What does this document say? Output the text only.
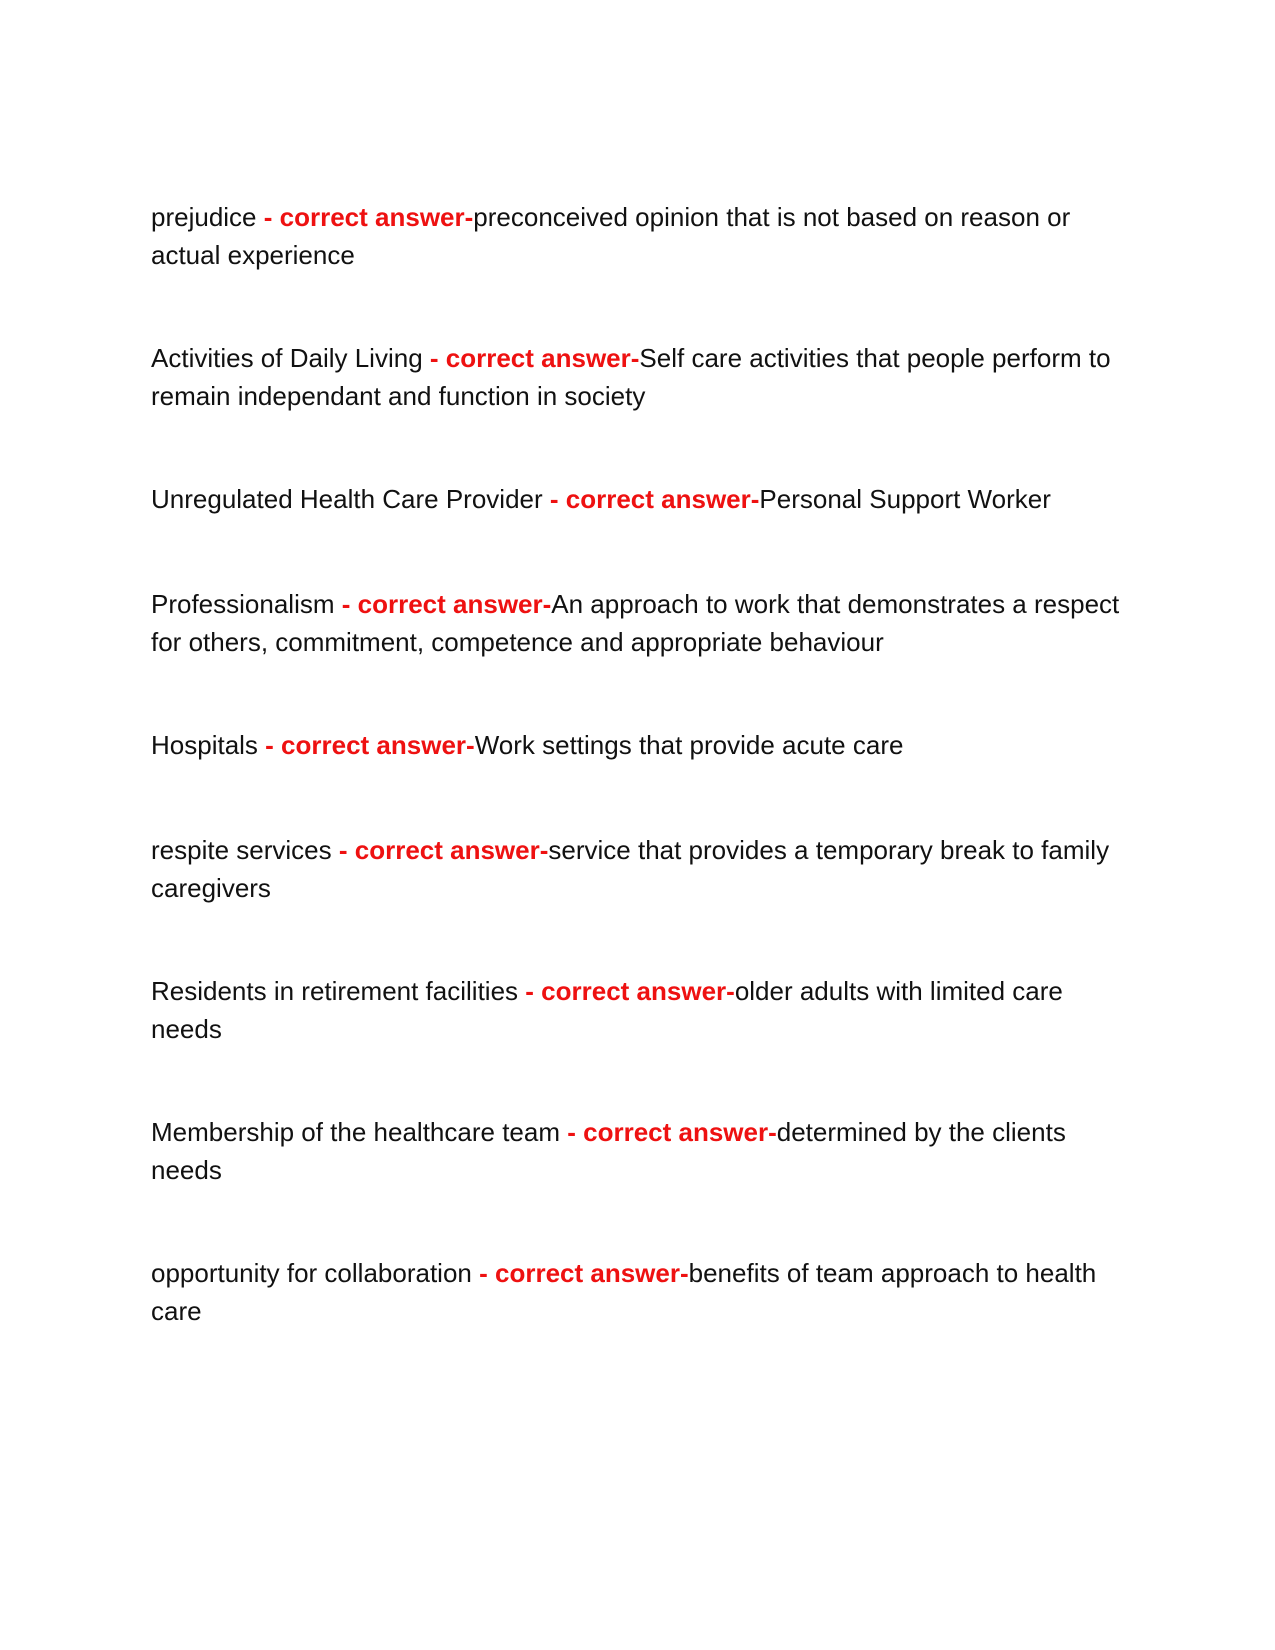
prejudice - correct answer-preconceived opinion that is not based on reason or actual experience

Activities of Daily Living - correct answer-Self care activities that people perform to remain independant and function in society

Unregulated Health Care Provider - correct answer-Personal Support Worker

Professionalism - correct answer-An approach to work that demonstrates a respect for others, commitment, competence and appropriate behaviour

Hospitals - correct answer-Work settings that provide acute care

respite services - correct answer-service that provides a temporary break to family caregivers

Residents in retirement facilities - correct answer-older adults with limited care needs

Membership of the healthcare team - correct answer-determined by the clients needs

opportunity for collaboration - correct answer-benefits of team approach to health care
